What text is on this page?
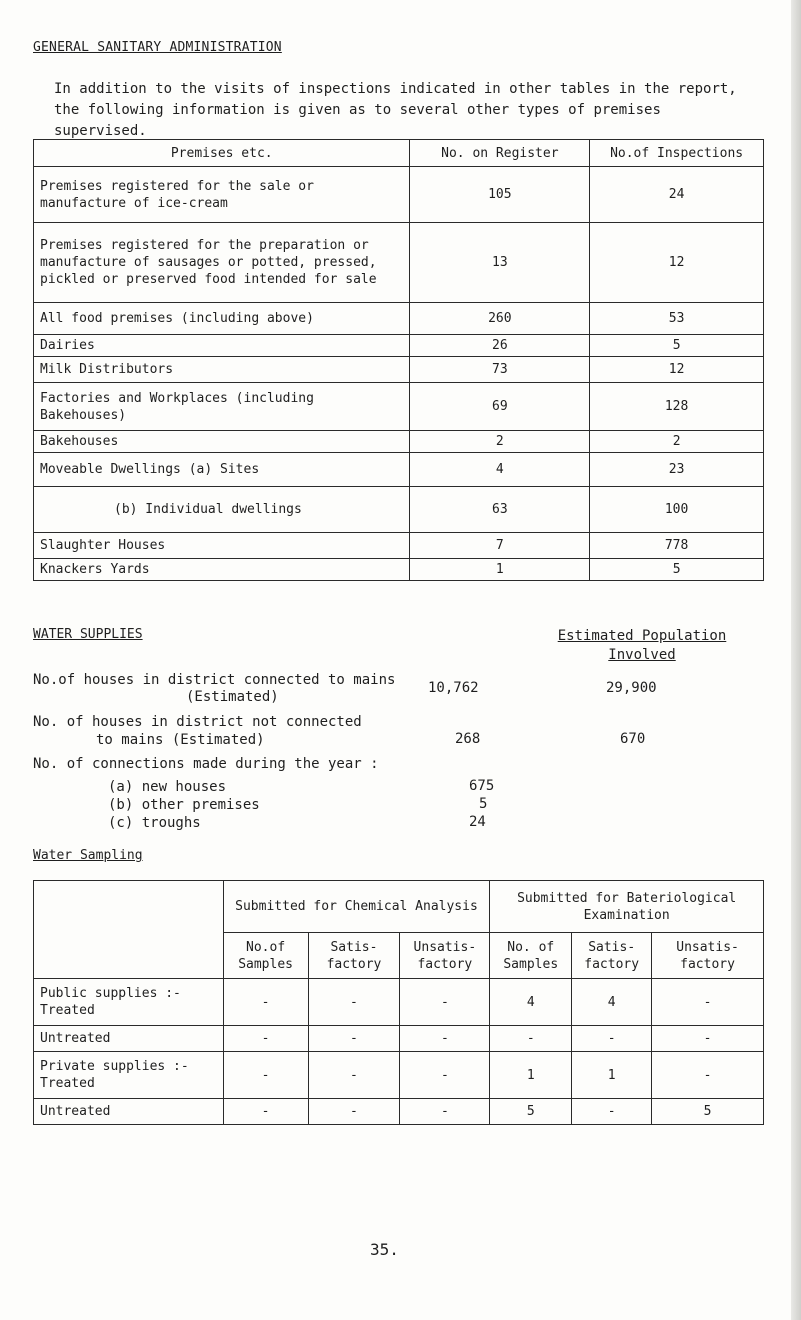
GENERAL SANITARY ADMINISTRATION
In addition to the visits of inspections indicated in other tables in the report, the following information is given as to several other types of premises supervised.
Premises etc.	No. on Register	No.of Inspections
Premises registered for the sale or manufacture of ice-cream	105	24
Premises registered for the preparation or manufacture of sausages or potted, pressed, pickled or preserved food intended for sale	13	12
All food premises (including above)	260	53
Dairies	26	5
Milk Distributors	73	12
Factories and Workplaces (including Bakehouses)	69	128
Bakehouses	2	2
Moveable Dwellings (a) Sites	4	23
(b) Individual dwellings	63	100
Slaughter Houses	7	778
Knackers Yards	1	5
WATER SUPPLIES	Estimated Population
Involved
No.of houses in district connected to mains
(Estimated)
10,762	29,900
No. of houses in district not connected
to mains (Estimated)	268	670
No. of connections made during the year :
(a) new houses	675
(b) other premises	5
(c) troughs	24
Water Sampling
	Submitted for Chemical Analysis			Submitted for Bateriological Examination		
	No.of Samples	Satis- factory	Unsatis- factory	No. of Samples	Satis- factory	Unsatis- factory
Public supplies :- Treated	-	-	-	4	4	-
Untreated	-	-	-	-	-	-
Private supplies :- Treated	-	-	-	1	1	-
Untreated	-	-	-	5	-	5
35.
